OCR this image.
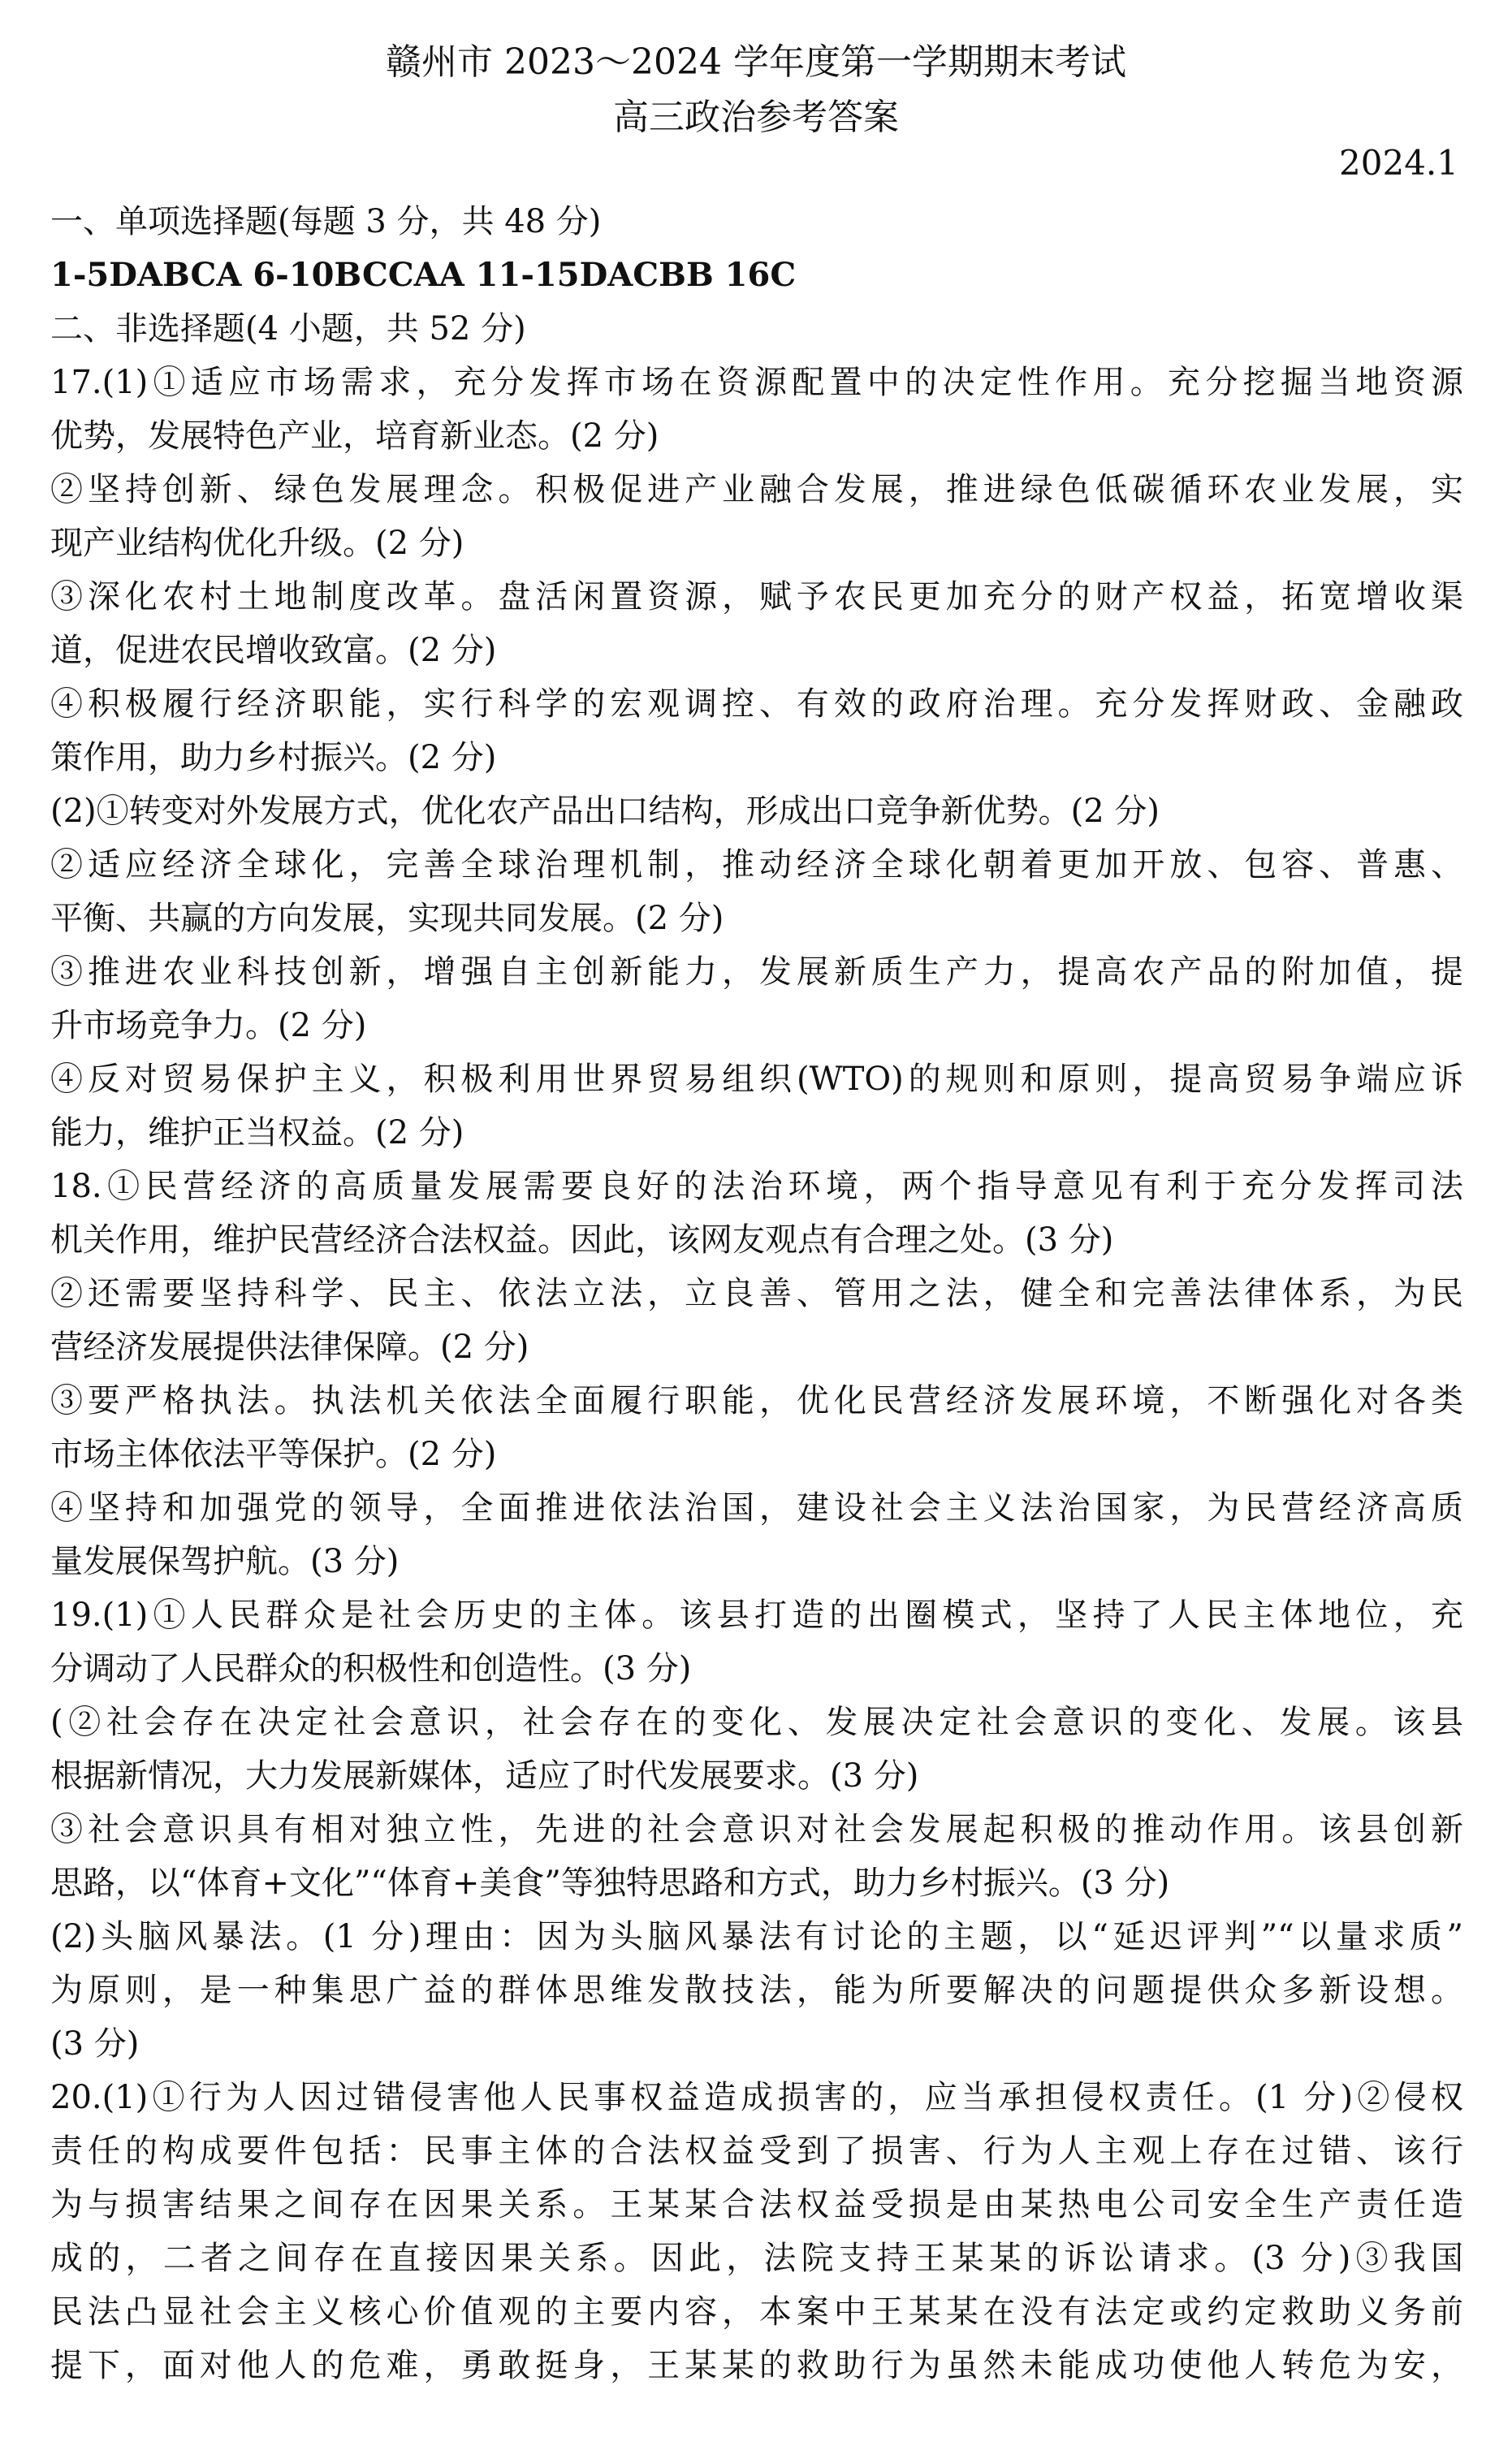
赣州市 2023～2024 学年度第一学期期末考试
高三政治参考答案
2024.1
一、单项选择题(每题 3 分，共 48 分)
1-5DABCA 6-10BCCAA 11-15DACBB 16C
二、非选择题(4 小题，共 52 分)
17.(1)①适应市场需求，充分发挥市场在资源配置中的决定性作用。充分挖掘当地资源
优势，发展特色产业，培育新业态。(2 分)
②坚持创新、绿色发展理念。积极促进产业融合发展，推进绿色低碳循环农业发展，实
现产业结构优化升级。(2 分)
③深化农村土地制度改革。盘活闲置资源，赋予农民更加充分的财产权益，拓宽增收渠
道，促进农民增收致富。(2 分)
④积极履行经济职能，实行科学的宏观调控、有效的政府治理。充分发挥财政、金融政
策作用，助力乡村振兴。(2 分)
(2)①转变对外发展方式，优化农产品出口结构，形成出口竞争新优势。(2 分)
②适应经济全球化，完善全球治理机制，推动经济全球化朝着更加开放、包容、普惠、
平衡、共赢的方向发展，实现共同发展。(2 分)
③推进农业科技创新，增强自主创新能力，发展新质生产力，提高农产品的附加值，提
升市场竞争力。(2 分)
④反对贸易保护主义，积极利用世界贸易组织(WTO)的规则和原则，提高贸易争端应诉
能力，维护正当权益。(2 分)
18.①民营经济的高质量发展需要良好的法治环境，两个指导意见有利于充分发挥司法
机关作用，维护民营经济合法权益。因此，该网友观点有合理之处。(3 分)
②还需要坚持科学、民主、依法立法，立良善、管用之法，健全和完善法律体系，为民
营经济发展提供法律保障。(2 分)
③要严格执法。执法机关依法全面履行职能，优化民营经济发展环境，不断强化对各类
市场主体依法平等保护。(2 分)
④坚持和加强党的领导，全面推进依法治国，建设社会主义法治国家，为民营经济高质
量发展保驾护航。(3 分)
19.(1)①人民群众是社会历史的主体。该县打造的出圈模式，坚持了人民主体地位，充
分调动了人民群众的积极性和创造性。(3 分)
(②社会存在决定社会意识，社会存在的变化、发展决定社会意识的变化、发展。该县
根据新情况，大力发展新媒体，适应了时代发展要求。(3 分)
③社会意识具有相对独立性，先进的社会意识对社会发展起积极的推动作用。该县创新
思路，以“体育+文化”“体育+美食”等独特思路和方式，助力乡村振兴。(3 分)
(2)头脑风暴法。(1 分)理由：因为头脑风暴法有讨论的主题，以“延迟评判”“以量求质”
为原则，是一种集思广益的群体思维发散技法，能为所要解决的问题提供众多新设想。
(3 分)
20.(1)①行为人因过错侵害他人民事权益造成损害的，应当承担侵权责任。(1 分)②侵权
责任的构成要件包括：民事主体的合法权益受到了损害、行为人主观上存在过错、该行
为与损害结果之间存在因果关系。王某某合法权益受损是由某热电公司安全生产责任造
成的，二者之间存在直接因果关系。因此，法院支持王某某的诉讼请求。(3 分)③我国
民法凸显社会主义核心价值观的主要内容，本案中王某某在没有法定或约定救助义务前
提下，面对他人的危难，勇敢挺身，王某某的救助行为虽然未能成功使他人转危为安，
